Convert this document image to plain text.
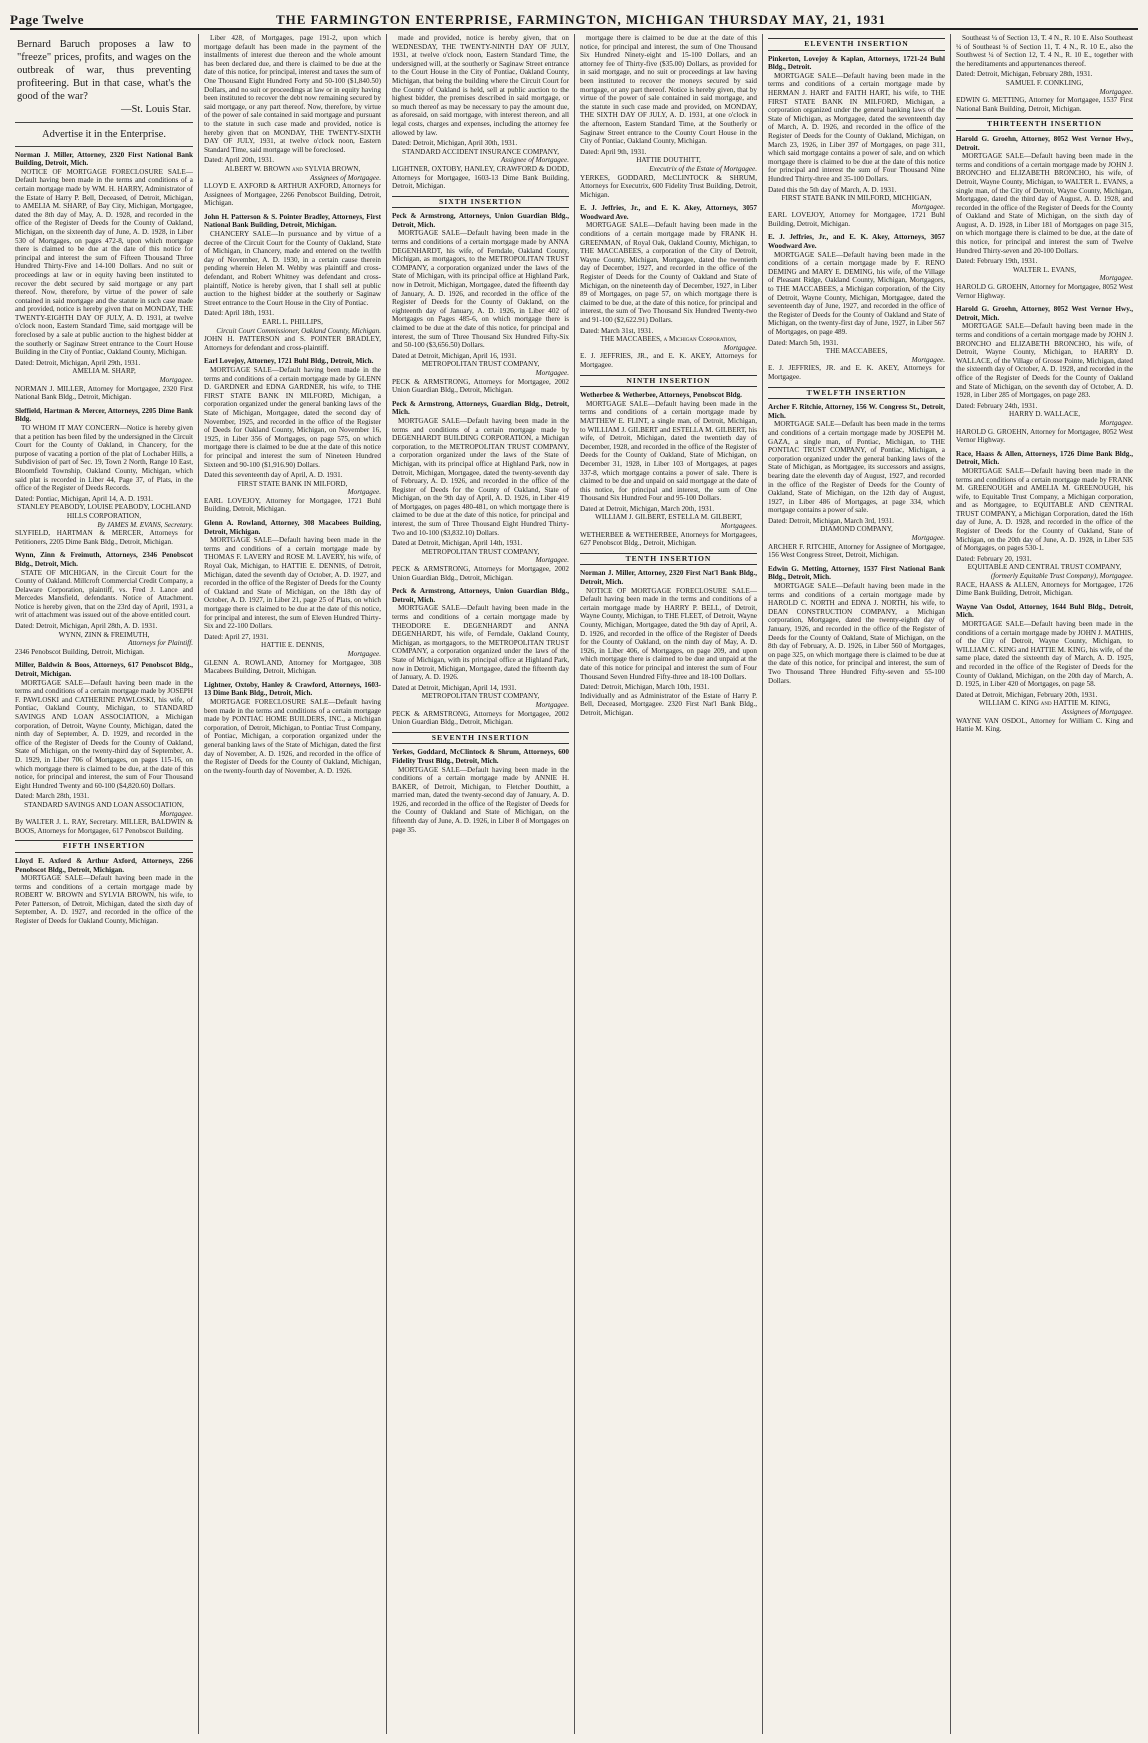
Page Twelve	THE FARMINGTON ENTERPRISE, FARMINGTON, MICHIGAN THURSDAY MAY, 21, 1931
Bernard Baruch proposes a law to "freeze" prices, profits, and wages on the outbreak of war, thus preventing profiteering. But in that case, what's the good of the war?
—St. Louis Star.
Advertise it in the Enterprise.
Norman J. Miller, Attorney, 2320 First National Bank Building, Detroit, Mich.

NOTICE OF MORTGAGE FORECLOSURE SALE—Default having been made in the terms and conditions of a certain mortgage made by WM. H. HARRY, Administrator of the Estate of Harry P. Bell, Deceased, of Detroit, Michigan, to AMELIA M. SHARP, of Bay City, Michigan, Mortgagee, dated the 8th day of May, A. D. 1928, and recorded in the office of the Register of Deeds for the County of Oakland, Michigan, on the sixteenth day of June, A. D. 1928, in Liber 530 of Mortgages, on pages 472-8, upon which mortgage there is claimed to be due at the date of this notice for principal and interest the sum of Fifteen Thousand Three Hundred Thirty-Five and 14-100 Dollars. And no suit or proceedings at law or in equity having been instituted to recover the debt secured by said mortgage or any part thereof. Now, therefore, by virtue of the power of sale contained in said mortgage and the statute in such case made and provided, notice is hereby given that on MONDAY, THE TWENTY-EIGHTH DAY OF JULY, A. D. 1931, at twelve o'clock noon, Eastern Standard Time, said mortgage will be foreclosed by a sale at public auction to the highest bidder at the southerly or Saginaw Street entrance to the Court House Building in the City of Pontiac, Oakland County, Michigan.

Dated: Detroit, Michigan, April 29th, 1931.
AMELIA M. SHARP,
Mortgagee.
NORMAN J. MILLER, Attorney for Mortgagee, 2320 First National Bank Bldg., Detroit, Michigan.
Sleffield, Hartman & Mercer, Attorneys, 2205 Dime Bank Bldg.

TO WHOM IT MAY CONCERN—Notice is hereby given that a petition has been filed by the undersigned in the Circuit Court for the County of Oakland, in Chancery, for the purpose of vacating a portion of the plat of Lochaber Hills, a Subdivision of part of Sec. 19, Town 2 North, Range 10 East, Bloomfield Township, Oakland County, Michigan, which said plat is recorded in Liber 44, Page 37, of Plats, in the office of the Register of Deeds Records.

Dated: Pontiac, Michigan, April 14, A. D. 1931.
STANLEY PEABODY, LOUISE PEABODY, LOCHLAND HILLS CORPORATION,
By JAMES M. EVANS, Secretary.
SLYFIELD, HARTMAN & MERCER, Attorneys for Petitioners, 2205 Dime Bank Bldg., Detroit, Michigan.
Wynn, Zinn & Freimuth, Attorneys, 2346 Penobscot Bldg., Detroit, Mich.

STATE OF MICHIGAN, in the Circuit Court for the County of Oakland. Millcroft Commercial Credit Company, a Delaware Corporation, plaintiff, vs. Fred J. Lance and Mercedes Mansfield, defendants. Notice of Attachment. Notice is hereby given, that on the 23rd day of April, 1931, a writ of attachment was issued out of the above entitled court.

Dated: Detroit, Michigan, April 28th, A. D. 1931.
WYNN, ZINN & FREIMUTH,
Attorneys for Plaintiff.
2346 Penobscot Building, Detroit, Michigan.
Miller, Baldwin & Boos, Attorneys, 617 Penobscot Bldg., Detroit, Michigan.

MORTGAGE SALE—Default having been made in the terms and conditions of a certain mortgage made by JOSEPH F. PAWLOSKI and CATHERINE PAWLOSKI, his wife, of Pontiac, Oakland County, Michigan, to STANDARD SAVINGS AND LOAN ASSOCIATION, a Michigan corporation, of Detroit, Wayne County, Michigan, dated the ninth day of September, A. D. 1929, and recorded in the office of the Register of Deeds for the County of Oakland, State of Michigan, on the twenty-third day of September, A. D. 1929, in Liber 706 of Mortgages, on pages 115-16, on which mortgage there is claimed to be due, at the date of this notice, for principal and interest, the sum of Four Thousand Eight Hundred Twenty and 60-100 ($4,820.60) Dollars.

Dated: March 28th, 1931.
STANDARD SAVINGS AND LOAN ASSOCIATION,
Mortgagee.
By WALTER J. L. RAY, Secretary. MILLER, BALDWIN & BOOS, Attorneys for Mortgagee, 617 Penobscot Building.
FIFTH INSERTION
Lloyd E. Axford & Arthur Axford, Attorneys, 2266 Penobscot Bldg., Detroit, Michigan.

MORTGAGE SALE—Default having been made in the terms and conditions of a certain mortgage made by ROBERT W. BROWN and SYLVIA BROWN, his wife, to Peter Patterson, of Detroit, Michigan, dated the sixth day of September, A. D. 1927, and recorded in the office of the Register of Deeds for Oakland County, Michigan.

Liber 428, of Mortgages, page 191-2, upon which mortgage default has been made in the payment of the installments of interest due thereon and the whole amount has been declared due, and there is claimed to be due at the date of this notice, for principal, interest and taxes the sum of One Thousand Eight Hundred Forty and 50-100 ($1,840.50) Dollars, and no suit or proceedings at law or in equity having been instituted to recover the debt now remaining secured by said mortgage, or any part thereof. Now, therefore, by virtue of the power of sale contained in said mortgage and pursuant to the statute in such case made and provided, notice is hereby given that on MONDAY, THE TWENTY-SIXTH DAY OF JULY, 1931, at twelve o'clock noon, Eastern Standard Time, said mortgage will be foreclosed.

Dated: April 20th, 1931.
ALBERT W. BROWN and SYLVIA BROWN,
Assignees of Mortgagee.
LLOYD E. AXFORD & ARTHUR AXFORD, Attorneys for Assignees of Mortgagee, 2266 Penobscot Building, Detroit, Michigan.
John H. Patterson & S. Pointer Bradley, Attorneys, First National Bank Building, Detroit, Michigan.

CHANCERY SALE—In pursuance and by virtue of a decree of the Circuit Court for the County of Oakland, State of Michigan, in Chancery, made and entered on the twelfth day of November, A. D. 1930, in a certain cause therein pending wherein Helen M. Wehby was plaintiff and cross-defendant, and Robert Whitney was defendant and cross-plaintiff, Notice is hereby given, that I shall sell at public auction to the highest bidder at the southerly or Saginaw Street entrance to the Court House in the City of Pontiac.

Dated: April 18th, 1931.
EARL L. PHILLIPS,
Circuit Court Commissioner, Oakland County, Michigan.
JOHN H. PATTERSON and S. POINTER BRADLEY, Attorneys for defendant and cross-plaintiff.
Earl Lovejoy, Attorney, 1721 Buhl Bldg., Detroit, Mich.

MORTGAGE SALE—Default having been made in the terms and conditions of a certain mortgage made by GLENN D. GARDNER and EDNA GARDNER, his wife, to THE FIRST STATE BANK IN MILFORD, Michigan, a corporation organized under the general banking laws of the State of Michigan, Mortgagee, dated the second day of November, 1925, and recorded in the office of the Register of Deeds for Oakland County, Michigan, on November 16, 1925, in Liber 356 of Mortgages, on page 575, on which mortgage there is claimed to be due at the date of this notice for principal and interest the sum of Nineteen Hundred Sixteen and 90-100 ($1,916.90) Dollars.

Dated this seventeenth day of April, A. D. 1931.
FIRST STATE BANK IN MILFORD,
Mortgagee.
EARL LOVEJOY, Attorney for Mortgagee, 1721 Buhl Building, Detroit, Michigan.
Glenn A. Rowland, Attorney, 308 Macabees Building, Detroit, Michigan.

MORTGAGE SALE—Default having been made in the terms and conditions of a certain mortgage made by THOMAS F. LAVERY and ROSE M. LAVERY, his wife, of Royal Oak, Michigan, to HATTIE E. DENNIS, of Detroit, Michigan, dated the seventh day of October, A. D. 1927, and recorded in the office of the Register of Deeds for the County of Oakland and State of Michigan, on the 18th day of October, A. D. 1927, in Liber 21, page 25 of Plats, on which mortgage there is claimed to be due at the date of this notice, for principal and interest, the sum of Eleven Hundred Thirty-Six and 22-100 Dollars.

Dated: April 27, 1931.
HATTIE E. DENNIS,
Mortgagee.
GLENN A. ROWLAND, Attorney for Mortgagee, 308 Macabees Building, Detroit, Michigan.
Lightner, Oxtoby, Hanley & Crawford, Attorneys, 1603-13 Dime Bank Bldg., Detroit, Mich.

MORTGAGE FORECLOSURE SALE—Default having been made in the terms and conditions of a certain mortgage made by PONTIAC HOME BUILDERS, INC., a Michigan corporation, of Detroit, Michigan, to Pontiac Trust Company, of Pontiac, Michigan, a corporation organized under the general banking laws of the State of Michigan, dated the first day of November, A. D. 1926, and recorded in the office of the Register of Deeds for the County of Oakland, Michigan, on the twenty-fourth day of November, A. D. 1926.

made and provided, notice is hereby given, that on WEDNESDAY, THE TWENTY-NINTH DAY OF JULY, 1931, at twelve o'clock noon, Eastern Standard Time, the undersigned will, at the southerly or Saginaw Street entrance to the Court House in the City of Pontiac, Oakland County, Michigan, that being the building where the Circuit Court for the County of Oakland is held, sell at public auction to the highest bidder, the premises described in said mortgage, or so much thereof as may be necessary to pay the amount due, as aforesaid, on said mortgage, with interest thereon, and all legal costs, charges and expenses, including the attorney fee allowed by law.

Dated: Detroit, Michigan, April 30th, 1931.
STANDARD ACCIDENT INSURANCE COMPANY,
Assignee of Mortgagee.
LIGHTNER, OXTOBY, HANLEY, CRAWFORD & DODD, Attorneys for Mortgagee, 1603-13 Dime Bank Building, Detroit, Michigan.
SIXTH INSERTION
Peck & Armstrong, Attorneys, Union Guardian Bldg., Detroit, Mich.

MORTGAGE SALE—Default having been made in the terms and conditions of a certain mortgage made by ANNA DEGENHARDT, his wife, of Ferndale, Oakland County, Michigan, as mortgagors, to the METROPOLITAN TRUST COMPANY, a corporation organized under the laws of the State of Michigan, with its principal office at Highland Park, now in Detroit, Michigan, Mortgagee, dated the fifteenth day of January, A. D. 1926, and recorded in the office of the Register of Deeds for the County of Oakland, on the eighteenth day of January, A. D. 1926, in Liber 402 of Mortgages on Pages 485-6, on which mortgage there is claimed to be due at the date of this notice, for principal and interest, the sum of Three Thousand Six Hundred Fifty-Six and 50-100 ($3,656.50) Dollars.

Dated at Detroit, Michigan, April 16, 1931.
METROPOLITAN TRUST COMPANY,
Mortgagee.
PECK & ARMSTRONG, Attorneys for Mortgagee, 2002 Union Guardian Bldg., Detroit, Michigan.
Peck & Armstrong, Attorneys, Guardian Bldg., Detroit, Mich.

MORTGAGE SALE—Default having been made in the terms and conditions of a certain mortgage made by DEGENHARDT BUILDING CORPORATION, a Michigan corporation, to the METROPOLITAN TRUST COMPANY, a corporation organized under the laws of the State of Michigan, with its principal office at Highland Park, now in Detroit, Michigan, Mortgagee, dated the twenty-seventh day of February, A. D. 1926, and recorded in the office of the Register of Deeds for the County of Oakland, State of Michigan, on the 9th day of April, A. D. 1926, in Liber 419 of Mortgages, on pages 480-481, on which mortgage there is claimed to be due at the date of this notice, for principal and interest, the sum of Three Thousand Eight Hundred Thirty-Two and 10-100 ($3,832.10) Dollars.

Dated at Detroit, Michigan, April 14th, 1931.
METROPOLITAN TRUST COMPANY,
Mortgagee.
PECK & ARMSTRONG, Attorneys for Mortgagee, 2002 Union Guardian Bldg., Detroit, Michigan.
Peck & Armstrong, Attorneys, Union Guardian Bldg., Detroit, Mich.

MORTGAGE SALE—Default having been made in the terms and conditions of a certain mortgage made by THEODORE E. DEGENHARDT and ANNA DEGENHARDT, his wife, of Ferndale, Oakland County, Michigan, as mortgagors, to the METROPOLITAN TRUST COMPANY, a corporation organized under the laws of the State of Michigan, with its principal office at Highland Park, now in Detroit, Michigan, Mortgagee, dated the fifteenth day of January, A. D. 1926.

Dated at Detroit, Michigan, April 14, 1931.
METROPOLITAN TRUST COMPANY,
Mortgagee.
PECK & ARMSTRONG, Attorneys for Mortgagee, 2002 Union Guardian Bldg., Detroit, Michigan.
SEVENTH INSERTION
Yerkes, Goddard, McClintock & Shrum, Attorneys, 600 Fidelity Trust Bldg., Detroit, Mich.

MORTGAGE SALE—Default having been made in the conditions of a certain mortgage made by ANNIE H. BAKER, of Detroit, Michigan, to Fletcher Douthitt, a married man, dated the twenty-second day of January, A. D. 1926, and recorded in the office of the Register of Deeds for the County of Oakland and State of Michigan, on the fifteenth day of June, A. D. 1926, in Liber 8 of Mortgages on page 35.

mortgage there is claimed to be due at the date of this notice, for principal and interest, the sum of One Thousand Six Hundred Ninety-eight and 15-100 Dollars, and an attorney fee of Thirty-five ($35.00) Dollars, as provided for in said mortgage, and no suit or proceedings at law having been instituted to recover the moneys secured by said mortgage, or any part thereof. Notice is hereby given, that by virtue of the power of sale contained in said mortgage, and the statute in such case made and provided, on MONDAY, THE SIXTH DAY OF JULY, A. D. 1931, at one o'clock in the afternoon, Eastern Standard Time, at the Southerly or Saginaw Street entrance to the County Court House in the City of Pontiac, Oakland County, Michigan.

Dated: April 9th, 1931.
HATTIE DOUTHITT,
Executrix of the Estate of Mortgagee.
YERKES, GODDARD, McCLINTOCK & SHRUM, Attorneys for Executrix, 600 Fidelity Trust Building, Detroit, Michigan.
E. J. Jeffries, Jr., and E. K. Akey, Attorneys, 3057 Woodward Ave.

MORTGAGE SALE—Default having been made in the conditions of a certain mortgage made by FRANK H. GREENMAN, of Royal Oak, Oakland County, Michigan, to THE MACCABEES, a corporation of the City of Detroit, Wayne County, Michigan, Mortgagee, dated the twentieth day of December, 1927, and recorded in the office of the Register of Deeds for the County of Oakland and State of Michigan, on the nineteenth day of December, 1927, in Liber 89 of Mortgages, on page 57, on which mortgage there is claimed to be due, at the date of this notice, for principal and interest, the sum of Two Thousand Six Hundred Twenty-two and 91-100 ($2,622.91) Dollars.

Dated: March 31st, 1931.
THE MACCABEES, a Michigan Corporation,
Mortgagee.
E. J. JEFFRIES, JR., and E. K. AKEY, Attorneys for Mortgagee.
NINTH INSERTION
Wetherbee & Wetherbee, Attorneys, Penobscot Bldg.

MORTGAGE SALE—Default having been made in the terms and conditions of a certain mortgage made by MATTHEW E. FLINT, a single man, of Detroit, Michigan, to WILLIAM J. GILBERT and ESTELLA M. GILBERT, his wife, of Detroit, Michigan, dated the twentieth day of December, 1928, and recorded in the office of the Register of Deeds for the County of Oakland, State of Michigan, on December 31, 1928, in Liber 103 of Mortgages, at pages 337-8, which mortgage contains a power of sale. There is claimed to be due and unpaid on said mortgage at the date of this notice, for principal and interest, the sum of One Thousand Six Hundred Four and 95-100 Dollars.

Dated at Detroit, Michigan, March 20th, 1931.
WILLIAM J. GILBERT, ESTELLA M. GILBERT,
Mortgagees.
WETHERBEE & WETHERBEE, Attorneys for Mortgagees, 627 Penobscot Bldg., Detroit, Michigan.
TENTH INSERTION
Norman J. Miller, Attorney, 2320 First Nat'l Bank Bldg., Detroit, Mich.

NOTICE OF MORTGAGE FORECLOSURE SALE—Default having been made in the terms and conditions of a certain mortgage made by HARRY P. BELL, of Detroit, Wayne County, Michigan, to THE FLEET, of Detroit, Wayne County, Michigan, Mortgagee, dated the 9th day of April, A. D. 1926, and recorded in the office of the Register of Deeds for the County of Oakland, on the ninth day of May, A. D. 1926, in Liber 406, of Mortgages, on page 209, and upon which mortgage there is claimed to be due and unpaid at the date of this notice for principal and interest the sum of Four Thousand Seven Hundred Fifty-three and 18-100 Dollars.

Dated: Detroit, Michigan, March 10th, 1931.
Individually and as Administrator of the Estate of Harry P. Bell, Deceased, Mortgagee. 2320 First Nat'l Bank Bldg., Detroit, Michigan.
ELEVENTH INSERTION
Pinkerton, Lovejoy & Kaplan, Attorneys, 1721-24 Buhl Bldg., Detroit.

MORTGAGE SALE—Default having been made in the terms and conditions of a certain mortgage made by HERMAN J. HART and FAITH HART, his wife, to THE FIRST STATE BANK IN MILFORD, Michigan, a corporation organized under the general banking laws of the State of Michigan, as Mortgagee, dated the seventeenth day of March, A. D. 1926, and recorded in the office of the Register of Deeds for the County of Oakland, Michigan, on March 23, 1926, in Liber 397 of Mortgages, on page 311, which said mortgage contains a power of sale, and on which mortgage there is claimed to be due at the date of this notice for principal and interest the sum of Four Thousand Nine Hundred Thirty-three and 35-100 Dollars.

Dated this the 5th day of March, A. D. 1931.
FIRST STATE BANK IN MILFORD, MICHIGAN,
Mortgagee.
EARL LOVEJOY, Attorney for Mortgagee, 1721 Buhl Building, Detroit, Michigan.
E. J. Jeffries, Jr., and E. K. Akey, Attorneys, 3057 Woodward Ave.

MORTGAGE SALE—Default having been made in the conditions of a certain mortgage made by F. RENO DEMING and MARY E. DEMING, his wife, of the Village of Pleasant Ridge, Oakland County, Michigan, Mortgagors, to THE MACCABEES, a Michigan corporation, of the City of Detroit, Wayne County, Michigan, Mortgagee, dated the seventeenth day of June, 1927, and recorded in the office of the Register of Deeds for the County of Oakland and State of Michigan, on the twenty-first day of June, 1927, in Liber 567 of Mortgages, on page 489.

Dated: March 5th, 1931.
THE MACCABEES,
Mortgagee.
E. J. JEFFRIES, JR. and E. K. AKEY, Attorneys for Mortgagee.
TWELFTH INSERTION
Archer F. Ritchie, Attorney, 156 W. Congress St., Detroit, Mich.

MORTGAGE SALE—Default has been made in the terms and conditions of a certain mortgage made by JOSEPH M. GAZA, a single man, of Pontiac, Michigan, to THE PONTIAC TRUST COMPANY, of Pontiac, Michigan, a corporation organized under the general banking laws of the State of Michigan, as Mortgagee, its successors and assigns, bearing date the eleventh day of August, 1927, and recorded in the office of the Register of Deeds for the County of Oakland, State of Michigan, on the 12th day of August, 1927, in Liber 486 of Mortgages, at page 334, which mortgage contains a power of sale.

Dated: Detroit, Michigan, March 3rd, 1931.
DIAMOND COMPANY,
Mortgagee.
ARCHER F. RITCHIE, Attorney for Assignee of Mortgagee, 156 West Congress Street, Detroit, Michigan.
Edwin G. Metting, Attorney, 1537 First National Bank Bldg., Detroit, Mich.

MORTGAGE SALE—Default having been made in the terms and conditions of a certain mortgage made by HAROLD C. NORTH and EDNA J. NORTH, his wife, to DEAN CONSTRUCTION COMPANY, a Michigan corporation, Mortgagee, dated the twenty-eighth day of January, 1926, and recorded in the office of the Register of Deeds for the County of Oakland, State of Michigan, on the 8th day of February, A. D. 1926, in Liber 560 of Mortgages, on page 325, on which mortgage there is claimed to be due at the date of this notice, for principal and interest, the sum of Two Thousand Three Hundred Fifty-seven and 55-100 Dollars.

Southeast ¼ of Section 13, T. 4 N., R. 10 E. Also Southeast ¼ of Southeast ¼ of Section 11, T. 4 N., R. 10 E., also the Southwest ¼ of Section 12, T. 4 N., R. 10 E., together with the hereditaments and appurtenances thereof.

Dated: Detroit, Michigan, February 28th, 1931.
SAMUEL F. CONKLING,
Mortgagee.
EDWIN G. METTING, Attorney for Mortgagee, 1537 First National Bank Building, Detroit, Michigan.
THIRTEENTH INSERTION
Harold G. Groehn, Attorney, 8052 West Vernor Hwy., Detroit.

MORTGAGE SALE—Default having been made in the terms and conditions of a certain mortgage made by JOHN J. BRONCHO and ELIZABETH BRONCHO, his wife, of Detroit, Wayne County, Michigan, to WALTER L. EVANS, a single man, of the City of Detroit, Wayne County, Michigan, Mortgagee, dated the third day of August, A. D. 1928, and recorded in the office of the Register of Deeds for the County of Oakland and State of Michigan, on the sixth day of August, A. D. 1928, in Liber 181 of Mortgages on page 315, on which mortgage there is claimed to be due, at the date of this notice, for principal and interest the sum of Twelve Hundred Thirty-seven and 20-100 Dollars.

Dated: February 19th, 1931.
WALTER L. EVANS,
Mortgagee.
HAROLD G. GROEHN, Attorney for Mortgagee, 8052 West Vernor Highway.
Harold G. Groehn, Attorney, 8052 West Vernor Hwy., Detroit, Mich.

MORTGAGE SALE—Default having been made in the terms and conditions of a certain mortgage made by JOHN J. BRONCHO and ELIZABETH BRONCHO, his wife, of Detroit, Wayne County, Michigan, to HARRY D. WALLACE, of the Village of Grosse Pointe, Michigan, dated the sixteenth day of October, A. D. 1928, and recorded in the office of the Register of Deeds for the County of Oakland and State of Michigan, on the seventh day of October, A. D. 1928, in Liber 285 of Mortgages, on page 283.

Dated: February 24th, 1931.
HARRY D. WALLACE,
Mortgagee.
HAROLD G. GROEHN, Attorney for Mortgagee, 8052 West Vernor Highway.
Race, Haass & Allen, Attorneys, 1726 Dime Bank Bldg., Detroit, Mich.

MORTGAGE SALE—Default having been made in the terms and conditions of a certain mortgage made by FRANK M. GREENOUGH and AMELIA M. GREENOUGH, his wife, to Equitable Trust Company, a Michigan corporation, and as Mortgagee, to EQUITABLE AND CENTRAL TRUST COMPANY, a Michigan Corporation, dated the 16th day of June, A. D. 1928, and recorded in the office of the Register of Deeds for the County of Oakland, State of Michigan, on the 20th day of June, A. D. 1928, in Liber 535 of Mortgages, on pages 530-1.

Dated: February 20, 1931.
EQUITABLE AND CENTRAL TRUST COMPANY,
(formerly Equitable Trust Company), Mortgagee.
RACE, HAASS & ALLEN, Attorneys for Mortgagee, 1726 Dime Bank Building, Detroit, Michigan.
Wayne Van Osdol, Attorney, 1644 Buhl Bldg., Detroit, Mich.

MORTGAGE SALE—Default having been made in the conditions of a certain mortgage made by JOHN J. MATHIS, of the City of Detroit, Wayne County, Michigan, to WILLIAM C. KING and HATTIE M. KING, his wife, of the same place, dated the sixteenth day of March, A. D. 1925, and recorded in the office of the Register of Deeds for the County of Oakland, Michigan, on the 20th day of March, A. D. 1925, in Liber 420 of Mortgages, on page 58.

Dated at Detroit, Michigan, February 20th, 1931.
WILLIAM C. KING and HATTIE M. KING,
Assignees of Mortgagee.
WAYNE VAN OSDOL, Attorney for William C. King and Hattie M. King.
